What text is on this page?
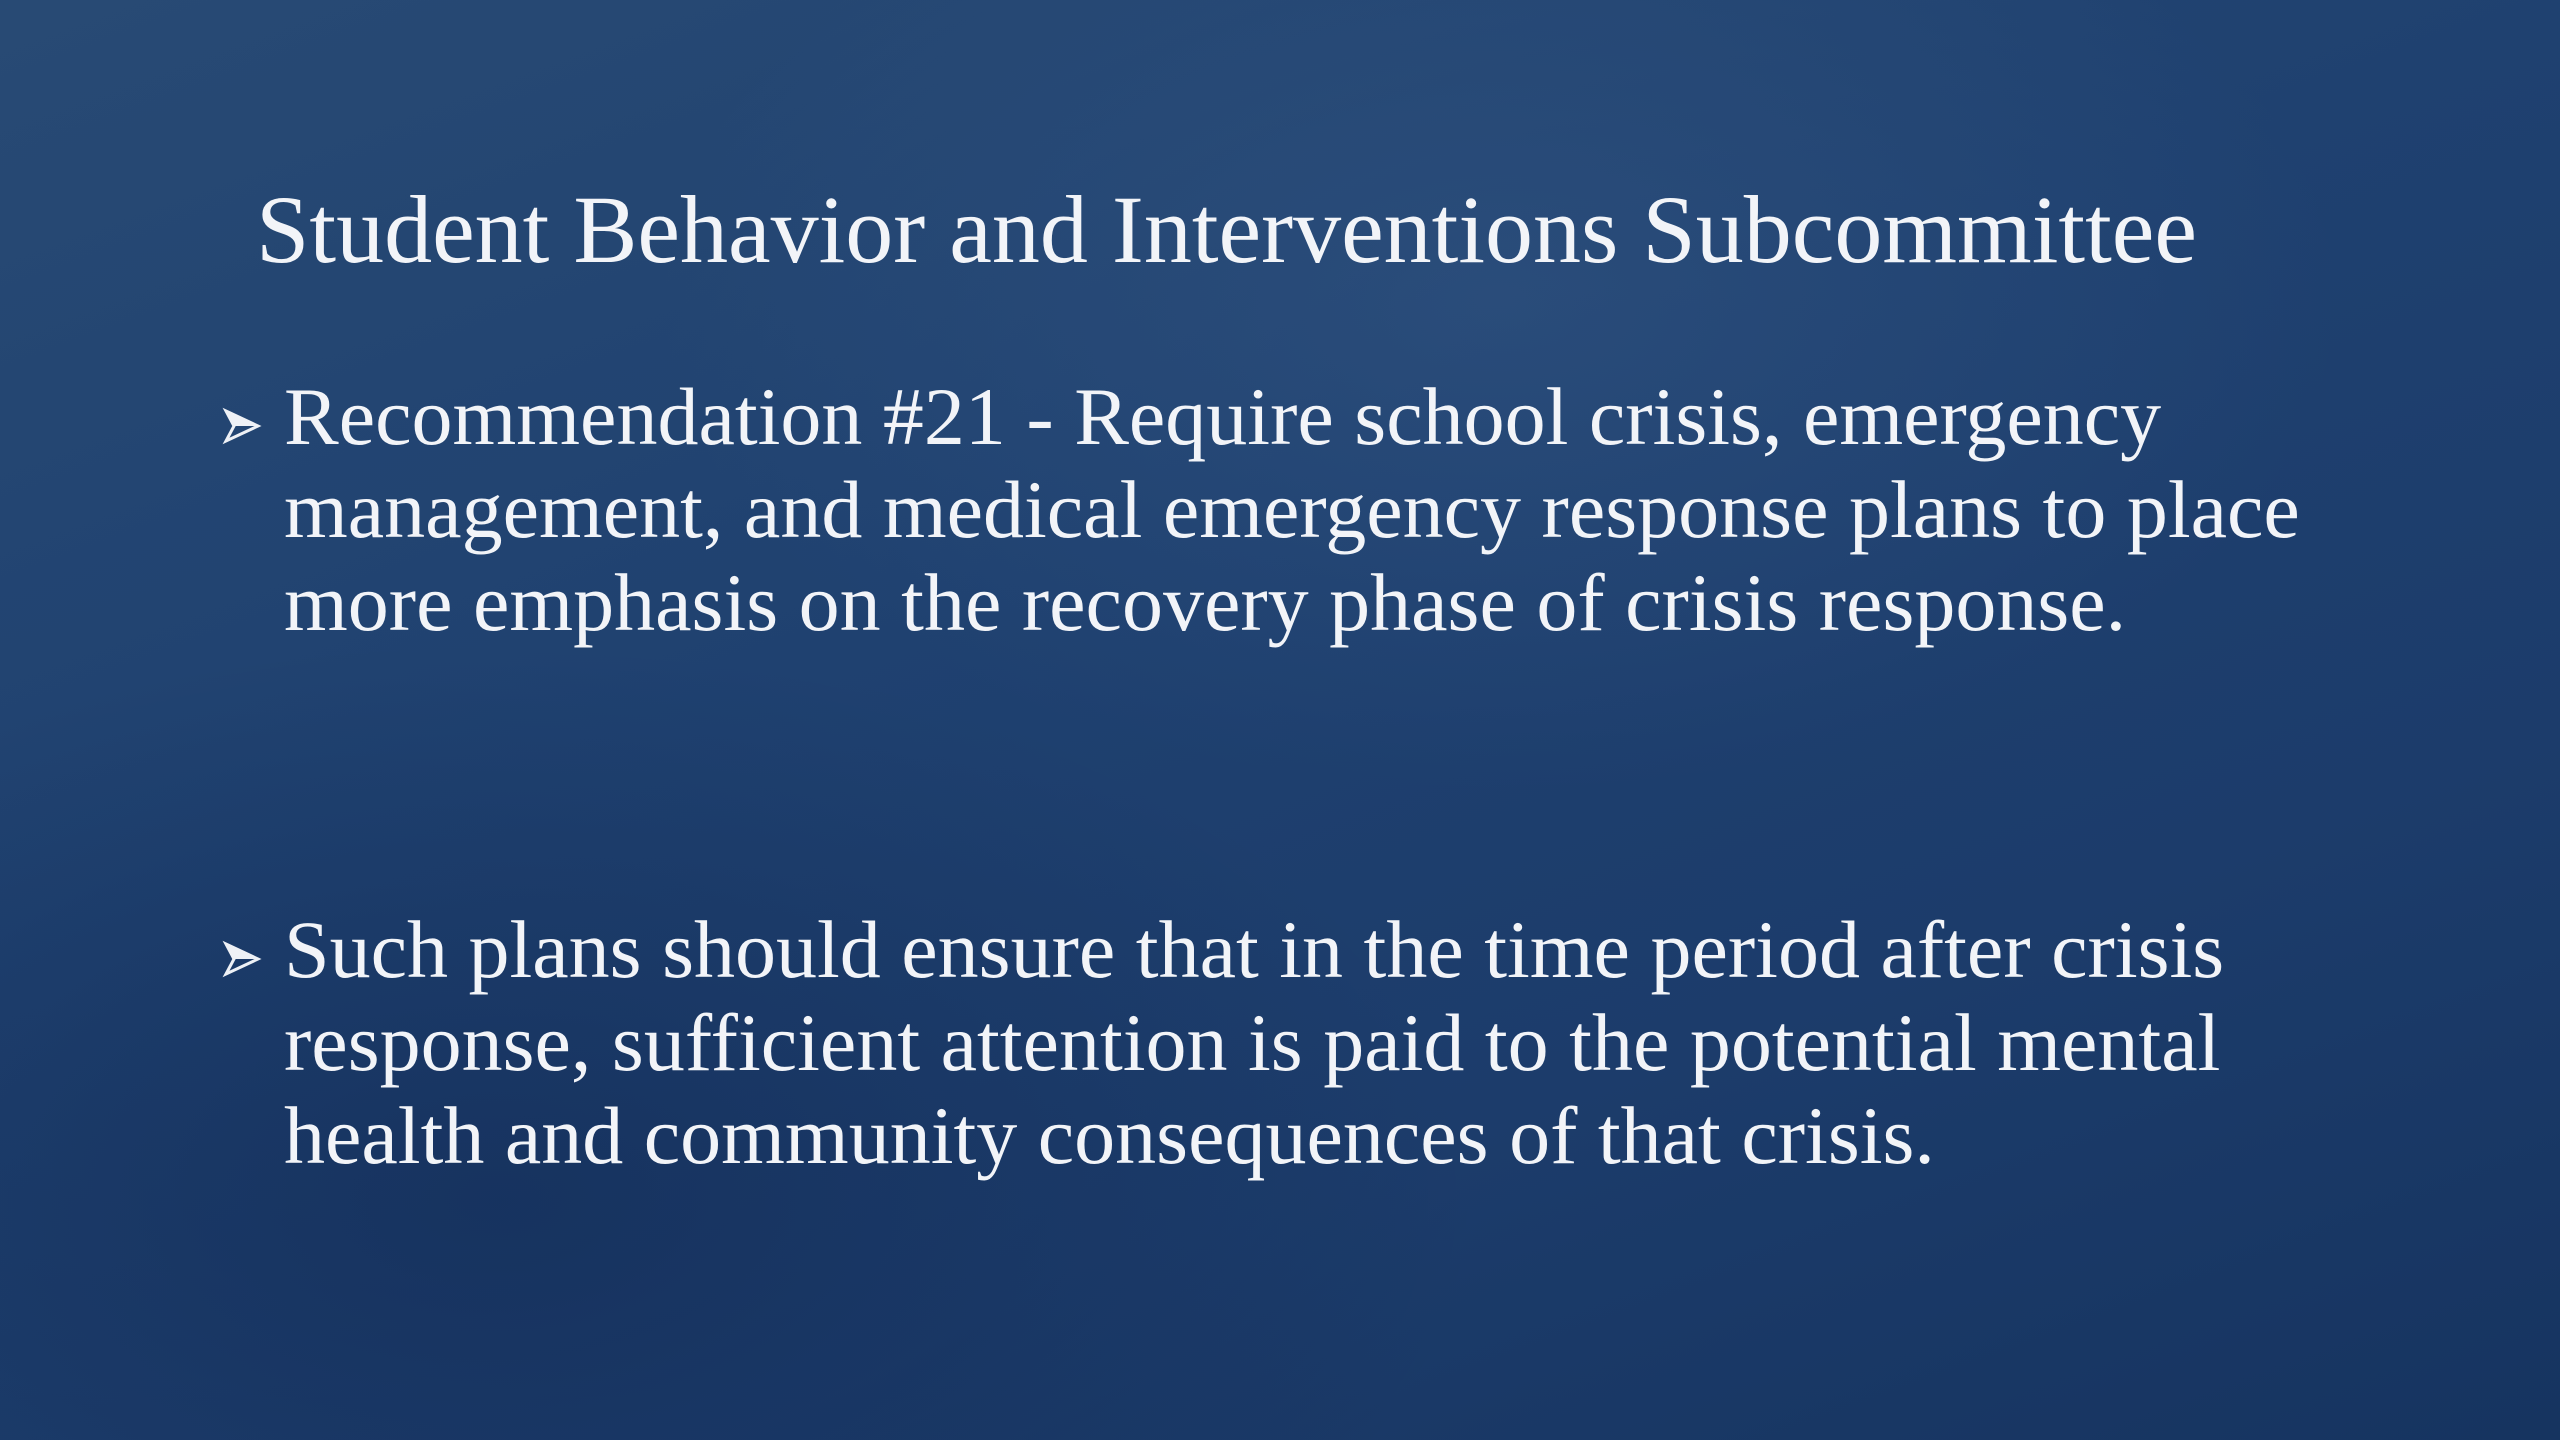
Student Behavior and Interventions Subcommittee
Recommendation #21 - Require school crisis, emergency management, and medical emergency response plans to place more emphasis on the recovery phase of crisis response.
Such plans should ensure that in the time period after crisis response, sufficient attention is paid to the potential mental health and community consequences of that crisis.
